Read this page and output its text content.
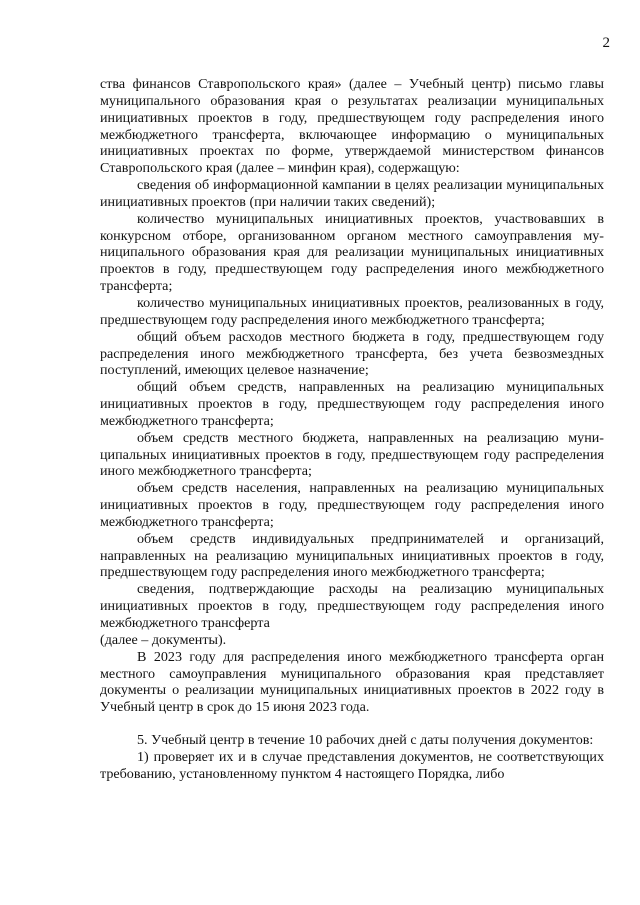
2

ства финансов Ставропольского края» (далее – Учебный центр) письмо главы муниципального образования края о результатах реализации муниципальных инициативных проектов в году, предшествующем году распределения иного межбюджетного трансферта, включающее информацию о муниципальных инициативных проектах по форме, утверждаемой министерством финансов Ставропольского края (далее – минфин края), содержащую:

сведения об информационной кампании в целях реализации муниципальных инициативных проектов (при наличии таких сведений);

количество муниципальных инициативных проектов, участвовавших в конкурсном отборе, организованном органом местного самоуправления муниципального образования края для реализации муниципальных инициативных проектов в году, предшествующем году распределения иного межбюджетного трансферта;

количество муниципальных инициативных проектов, реализованных в году, предшествующем году распределения иного межбюджетного трансферта;

общий объем расходов местного бюджета в году, предшествующем году распределения иного межбюджетного трансферта, без учета безвозмездных поступлений, имеющих целевое назначение;

общий объем средств, направленных на реализацию муниципальных инициативных проектов в году, предшествующем году распределения иного межбюджетного трансферта;

объем средств местного бюджета, направленных на реализацию муниципальных инициативных проектов в году, предшествующем году распределения иного межбюджетного трансферта;

объем средств населения, направленных на реализацию муниципальных инициативных проектов в году, предшествующем году распределения иного межбюджетного трансферта;

объем средств индивидуальных предпринимателей и организаций, направленных на реализацию муниципальных инициативных проектов в году, предшествующем году распределения иного межбюджетного трансферта;

сведения, подтверждающие расходы на реализацию муниципальных инициативных проектов в году, предшествующем году распределения иного межбюджетного трансферта

(далее – документы).

В 2023 году для распределения иного межбюджетного трансферта орган местного самоуправления муниципального образования края представляет документы о реализации муниципальных инициативных проектов в 2022 году в Учебный центр в срок до 15 июня 2023 года.

5. Учебный центр в течение 10 рабочих дней с даты получения документов:

1) проверяет их и в случае представления документов, не соответствующих требованию, установленному пунктом 4 настоящего Порядка, либо
